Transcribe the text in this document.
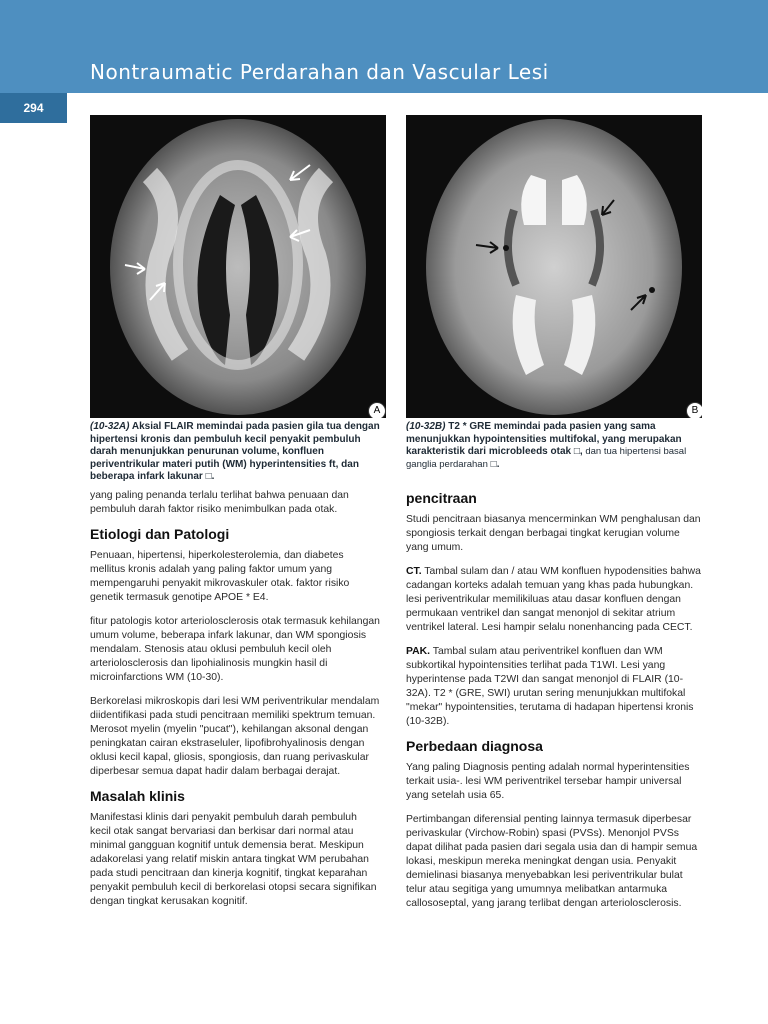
Nontraumatic Perdarahan dan Vascular Lesi
294
A	B
(10-32A) Aksial FLAIR memindai pada pasien gila tua dengan hipertensi kronis dan pembuluh kecil penyakit pembuluh darah menunjukkan penurunan volume, konfluen periventrikular materi putih (WM) hyperintensities ft, dan beberapa infark lakunar □.
(10-32B) T2 * GRE memindai pada pasien yang sama menunjukkan hypointensities multifokal, yang merupakan karakteristik dari microbleeds otak □, dan tua hipertensi basal ganglia perdarahan □.

yang paling penanda terlalu terlihat bahwa penuaan dan pembuluh darah faktor risiko menimbulkan pada otak.

Etiologi dan Patologi

Penuaan, hipertensi, hiperkolesterolemia, dan diabetes mellitus kronis adalah yang paling faktor umum yang mempengaruhi penyakit mikrovaskuler otak. faktor risiko genetik termasuk genotipe APOE * E4.

fitur patologis kotor arteriolosclerosis otak termasuk kehilangan umum volume, beberapa infark lakunar, dan WM spongiosis mendalam. Stenosis atau oklusi pembuluh kecil oleh arteriolosclerosis dan lipohialinosis mungkin hasil di microinfarctions WM (10-30).

Berkorelasi mikroskopis dari lesi WM periventrikular mendalam diidentifikasi pada studi pencitraan memiliki spektrum temuan. Merosot myelin (myelin "pucat"), kehilangan aksonal dengan peningkatan cairan ekstraseluler, lipofibrohyalinosis dengan oklusi kecil kapal, gliosis, spongiosis, dan ruang perivaskular diperbesar semua dapat hadir dalam berbagai derajat.

Masalah klinis

Manifestasi klinis dari penyakit pembuluh darah pembuluh kecil otak sangat bervariasi dan berkisar dari normal atau minimal gangguan kognitif untuk demensia berat. Meskipun adakorelasi yang relatif miskin antara tingkat WM perubahan pada studi pencitraan dan kinerja kognitif, tingkat keparahan penyakit pembuluh kecil di berkorelasi otopsi secara signifikan dengan tingkat kerusakan kognitif.

pencitraan

Studi pencitraan biasanya mencerminkan WM penghalusan dan spongiosis terkait dengan berbagai tingkat kerugian volume yang umum.

CT. Tambal sulam dan / atau WM konfluen hypodensities bahwa cadangan korteks adalah temuan yang khas pada hubungkan. lesi periventrikular memilikiluas atau dasar konfluen dengan permukaan ventrikel dan sangat menonjol di sekitar atrium ventrikel lateral. Lesi hampir selalu nonenhancing pada CECT.

PAK. Tambal sulam atau periventrikel konfluen dan WM subkortikal hypointensities terlihat pada T1WI. Lesi yang hyperintense pada T2WI dan sangat menonjol di FLAIR (10-32A). T2 * (GRE, SWI) urutan sering menunjukkan multifokal "mekar" hypointensities, terutama di hadapan hipertensi kronis (10-32B).

Perbedaan diagnosa

Yang paling Diagnosis penting adalah normal hyperintensities terkait usia-. lesi WM periventrikel tersebar hampir universal yang setelah usia 65.

Pertimbangan diferensial penting lainnya termasuk diperbesar perivaskular (Virchow-Robin) spasi (PVSs). Menonjol PVSs dapat dilihat pada pasien dari segala usia dan di hampir semua lokasi, meskipun mereka meningkat dengan usia. Penyakit demielinasi biasanya menyebabkan lesi periventrikular bulat telur atau segitiga yang umumnya melibatkan antarmuka callososeptal, yang jarang terlibat dengan arteriolosclerosis.
